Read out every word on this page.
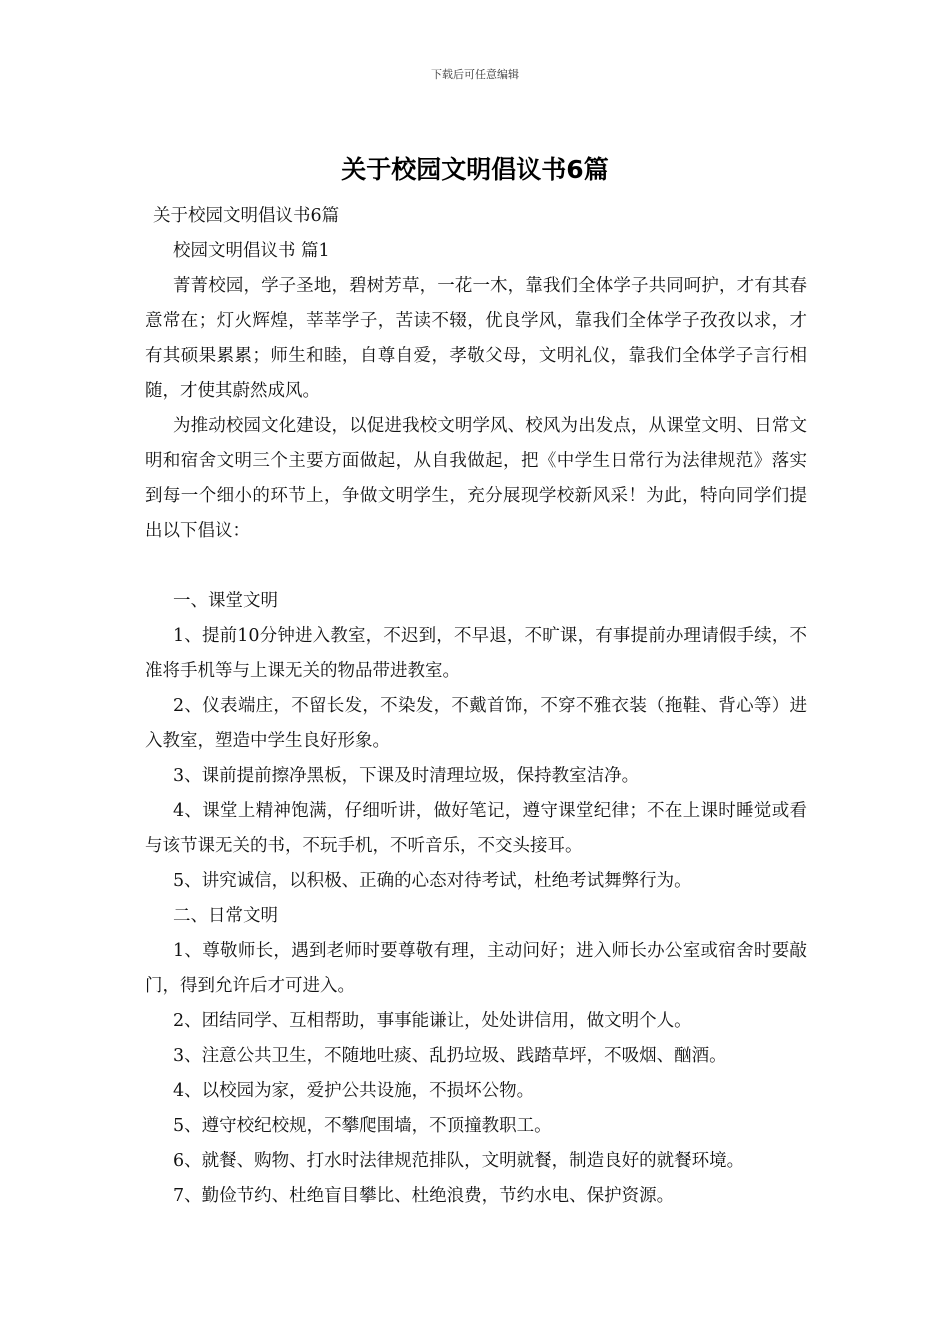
下载后可任意编辑
关于校园文明倡议书6篇

关于校园文明倡议书6篇

校园文明倡议书 篇1

菁菁校园，学子圣地，碧树芳草，一花一木，靠我们全体学子共同呵护，才有其春意常在；灯火辉煌，莘莘学子，苦读不辍，优良学风，靠我们全体学子孜孜以求，才有其硕果累累；师生和睦，自尊自爱，孝敬父母，文明礼仪，靠我们全体学子言行相随，才使其蔚然成风。

为推动校园文化建设，以促进我校文明学风、校风为出发点，从课堂文明、日常文明和宿舍文明三个主要方面做起，从自我做起，把《中学生日常行为法律规范》落实到每一个细小的环节上，争做文明学生，充分展现学校新风采！为此，特向同学们提出以下倡议：

一、课堂文明

1、提前10分钟进入教室，不迟到，不早退，不旷课，有事提前办理请假手续，不准将手机等与上课无关的物品带进教室。

2、仪表端庄，不留长发，不染发，不戴首饰，不穿不雅衣装（拖鞋、背心等）进入教室，塑造中学生良好形象。

3、课前提前擦净黑板，下课及时清理垃圾，保持教室洁净。

4、课堂上精神饱满，仔细听讲，做好笔记，遵守课堂纪律；不在上课时睡觉或看与该节课无关的书，不玩手机，不听音乐，不交头接耳。

5、讲究诚信，以积极、正确的心态对待考试，杜绝考试舞弊行为。

二、日常文明

1、尊敬师长，遇到老师时要尊敬有理，主动问好；进入师长办公室或宿舍时要敲门，得到允许后才可进入。

2、团结同学、互相帮助，事事能谦让，处处讲信用，做文明个人。

3、注意公共卫生，不随地吐痰、乱扔垃圾、践踏草坪，不吸烟、酗酒。

4、以校园为家，爱护公共设施，不损坏公物。

5、遵守校纪校规，不攀爬围墙，不顶撞教职工。

6、就餐、购物、打水时法律规范排队，文明就餐，制造良好的就餐环境。

7、勤俭节约、杜绝盲目攀比、杜绝浪费，节约水电、保护资源。
